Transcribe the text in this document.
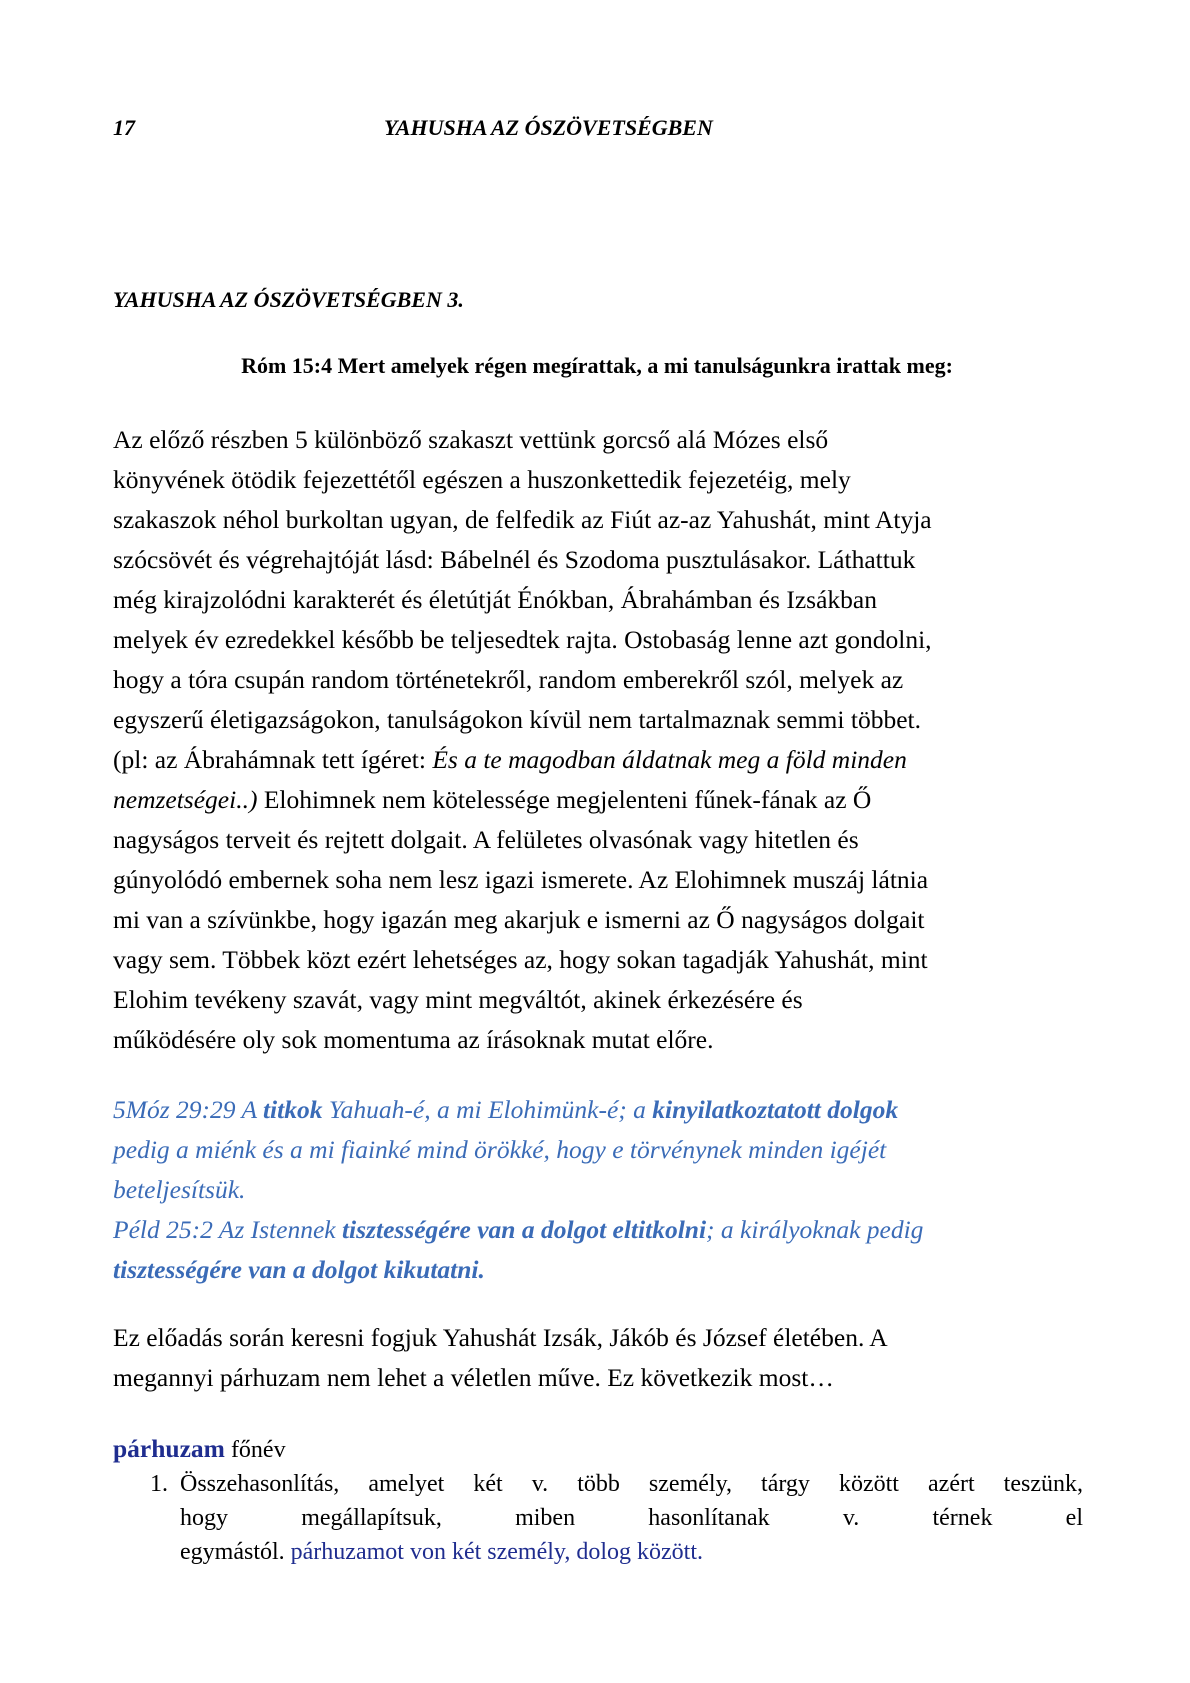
17	YAHUSHA AZ ÓSZÖVETSÉGBEN
YAHUSHA AZ ÓSZÖVETSÉGBEN 3.
Róm 15:4 Mert amelyek régen megírattak, a mi tanulságunkra irattak meg:
Az előző részben 5 különböző szakaszt vettünk gorcső alá Mózes első
könyvének ötödik fejezettétől egészen a huszonkettedik fejezetéig, mely
szakaszok néhol burkoltan ugyan, de felfedik az Fiút az-az Yahushát, mint Atyja
szócsövét és végrehajtóját lásd: Bábelnél és Szodoma pusztulásakor. Láthattuk
még kirajzolódni karakterét és életútját Énókban, Ábrahámban és Izsákban
melyek év ezredekkel később be teljesedtek rajta. Ostobaság lenne azt gondolni,
hogy a tóra csupán random történetekről, random emberekről szól, melyek az
egyszerű életigazságokon, tanulságokon kívül nem tartalmaznak semmi többet.
(pl: az Ábrahámnak tett ígéret: És a te magodban áldatnak meg a föld minden
nemzetségei..) Elohimnek nem kötelessége megjelenteni fűnek-fának az Ő
nagyságos terveit és rejtett dolgait. A felületes olvasónak vagy hitetlen és
gúnyolódó embernek soha nem lesz igazi ismerete. Az Elohimnek muszáj látnia
mi van a szívünkbe, hogy igazán meg akarjuk e ismerni az Ő nagyságos dolgait
vagy sem. Többek közt ezért lehetséges az, hogy sokan tagadják Yahushát, mint
Elohim tevékeny szavát, vagy mint megváltót, akinek érkezésére és
működésére oly sok momentuma az írásoknak mutat előre.
5Móz 29:29 A titkok Yahuah-é, a mi Elohimünk-é; a kinyilatkoztatott dolgok
pedig a miénk és a mi fiainké mind örökké, hogy e törvénynek minden igéjét
beteljesítsük.
Péld 25:2 Az Istennek tisztességére van a dolgot eltitkolni; a királyoknak pedig
tisztességére van a dolgot kikutatni.
Ez előadás során keresni fogjuk Yahushát Izsák, Jákób és József életében. A
megannyi párhuzam nem lehet a véletlen műve. Ez következik most…
párhuzam főnév
1. Összehasonlítás, amelyet két v. több személy, tárgy között azért teszünk,
hogy megállapítsuk, miben hasonlítanak v. térnek el
egymástól. párhuzamot von két személy, dolog között.
